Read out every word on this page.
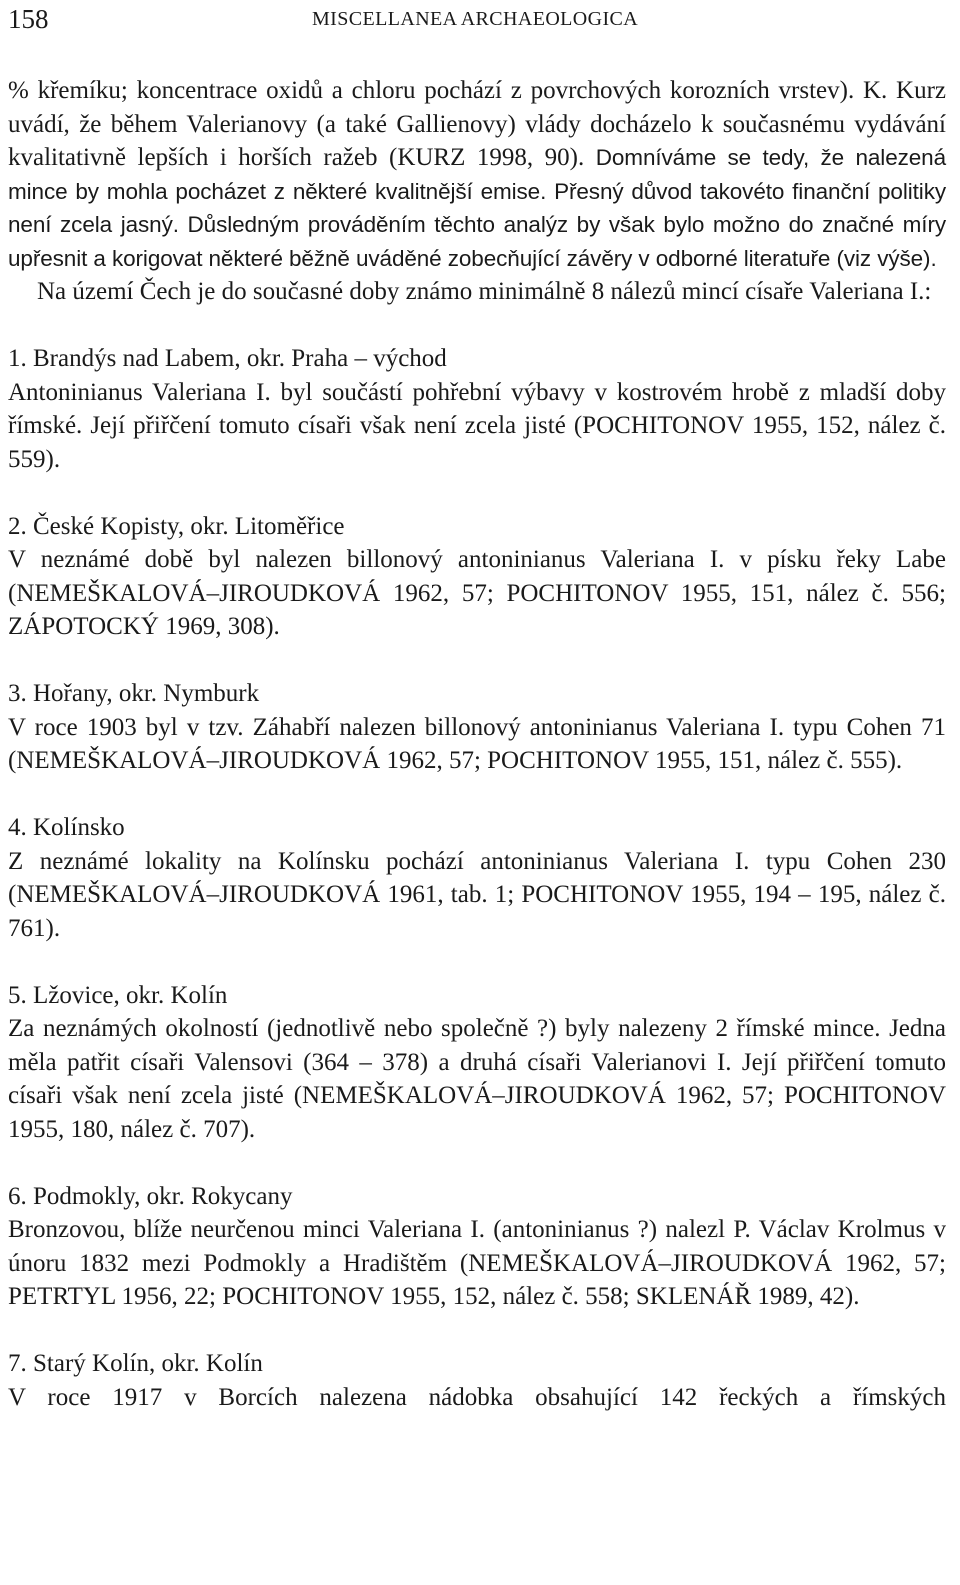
158	MISCELLANEA ARCHAEOLOGICA

% křemíku; koncentrace oxidů a chloru pochází z povrchových korozních vrstev). K. Kurz uvádí, že během Valerianovy (a také Gallienovy) vlády docházelo k současnému vydávání kvalitativně lepších i horších ražeb (KURZ 1998, 90). Domníváme se tedy, že nalezená mince by mohla pocházet z některé kvalitnější emise. Přesný důvod takovéto finanční politiky není zcela jasný. Důsledným prováděním těchto analýz by však bylo možno do značné míry upřesnit a korigovat některé běžně uváděné zobecňující závěry v odborné literatuře (viz výše).

Na území Čech je do současné doby známo minimálně 8 nálezů mincí císaře Valeriana I.:

1. Brandýs nad Labem, okr. Praha – východ

Antoninianus Valeriana I. byl součástí pohřební výbavy v kostrovém hrobě z mladší doby římské. Její přiřčení tomuto císaři však není zcela jisté (POCHITONOV 1955, 152, nález č. 559).

2. České Kopisty, okr. Litoměřice

V neznámé době byl nalezen billonový antoninianus Valeriana I. v písku řeky Labe (NEMEŠKALOVÁ–JIROUDKOVÁ 1962, 57; POCHITONOV 1955, 151, nález č. 556; ZÁPOTOCKÝ 1969, 308).

3. Hořany, okr. Nymburk

V roce 1903 byl v tzv. Záhabří nalezen billonový antoninianus Valeriana I. typu Cohen 71 (NEMEŠKALOVÁ–JIROUDKOVÁ 1962, 57; POCHITONOV 1955, 151, nález č. 555).

4. Kolínsko

Z neznámé lokality na Kolínsku pochází antoninianus Valeriana I. typu Cohen 230 (NEMEŠKALOVÁ–JIROUDKOVÁ 1961, tab. 1; POCHITONOV 1955, 194 – 195, nález č. 761).

5. Lžovice, okr. Kolín

Za neznámých okolností (jednotlivě nebo společně ?) byly nalezeny 2 římské mince. Jedna měla patřit císaři Valensovi (364 – 378) a druhá císaři Valerianovi I. Její přiřčení tomuto císaři však není zcela jisté (NEMEŠKALOVÁ–JIROUDKOVÁ 1962, 57; POCHITONOV 1955, 180, nález č. 707).

6. Podmokly, okr. Rokycany

Bronzovou, blíže neurčenou minci Valeriana I. (antoninianus ?) nalezl P. Václav Krolmus v únoru 1832 mezi Podmokly a Hradištěm (NEMEŠKALOVÁ–JIROUDKOVÁ 1962, 57; PETRTYL 1956, 22; POCHITONOV 1955, 152, nález č. 558; SKLENÁŘ 1989, 42).

7. Starý Kolín, okr. Kolín

V roce 1917 v Borcích nalezena nádobka obsahující 142 řeckých a římských
